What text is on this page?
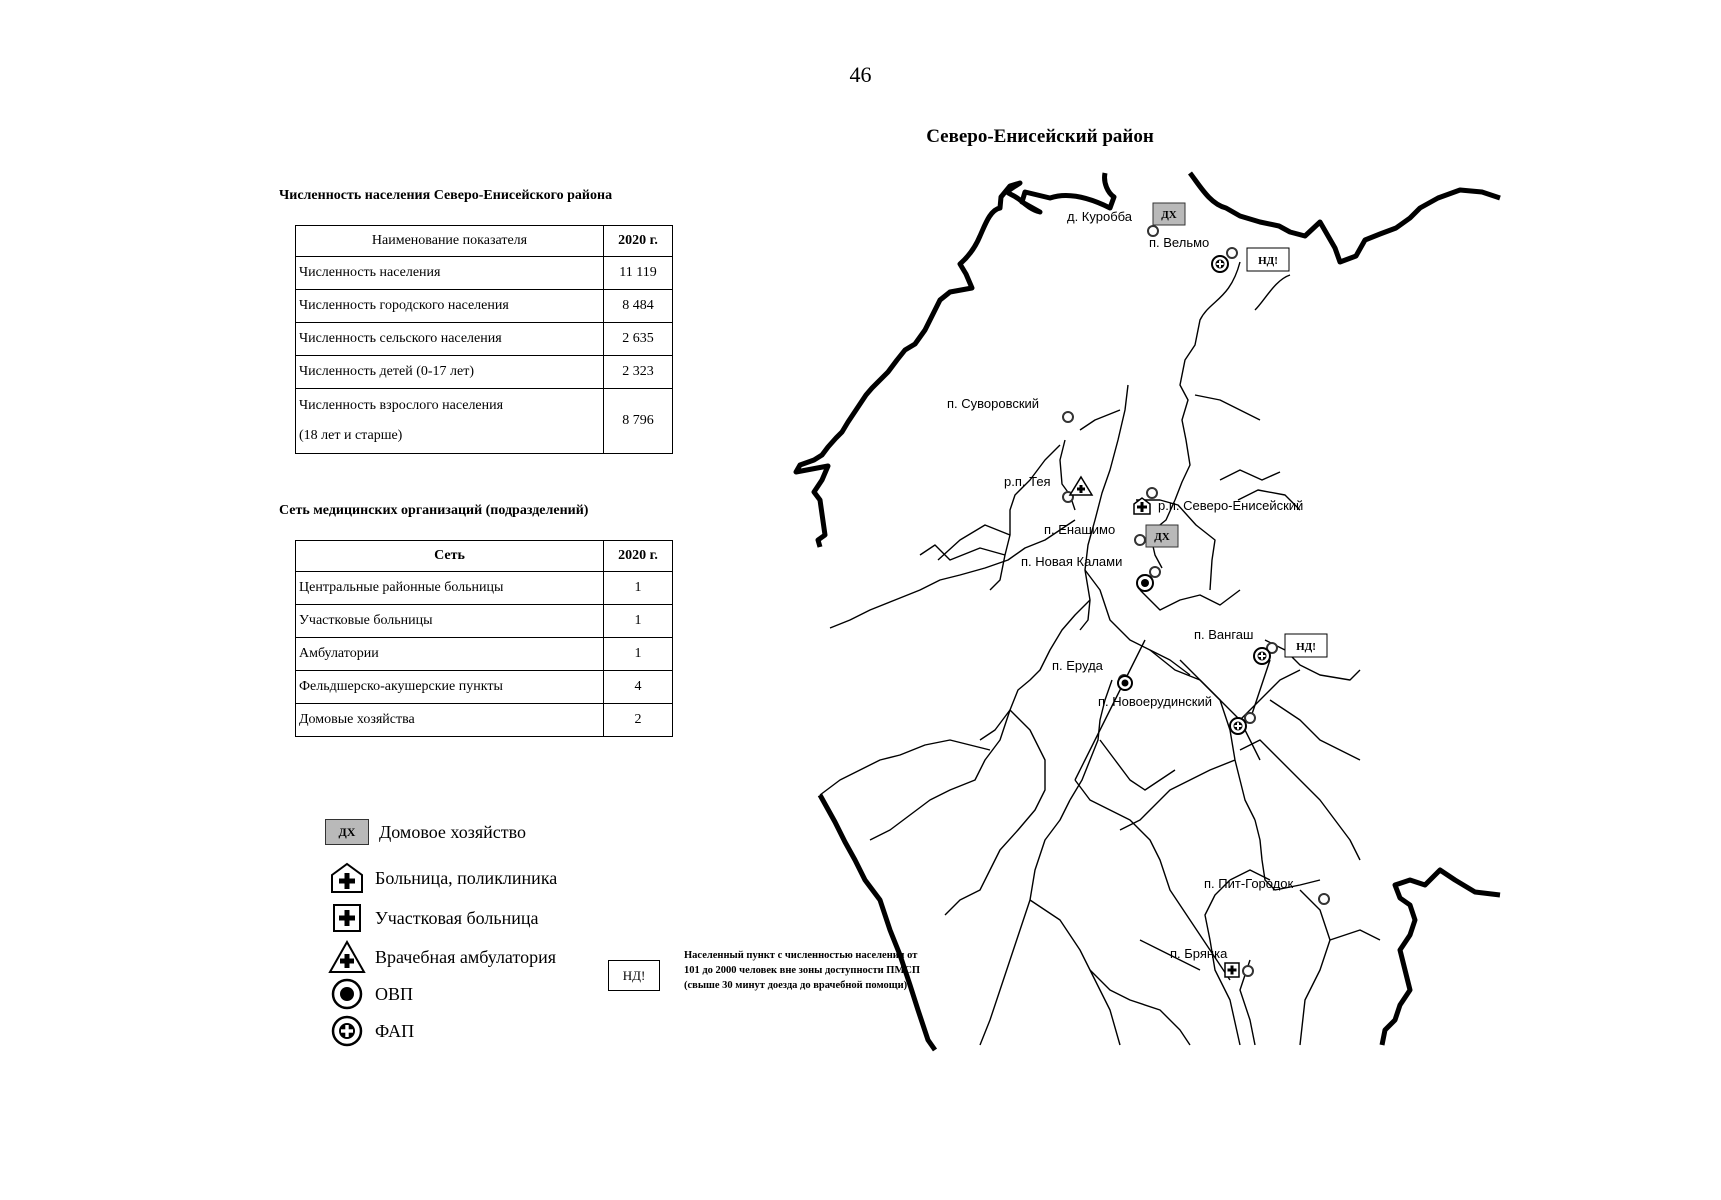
46
Северо-Енисейский район
Численность населения Северо-Енисейского района
Наименование показателя	2020 г.
Численность населения	11 119
Численность городского населения	8 484
Численность сельского населения	2 635
Численность детей (0-17 лет)	2 323

Численность взрослого населения
(18 лет и старше)	8 796
Сеть медицинских организаций (подразделений)
Сеть	2020 г.
Центральные районные больницы	1
Участковые больницы	1
Амбулатории	1
Фельдшерско-акушерские пункты	4
Домовые хозяйства	2
ДХ	Домовое хозяйство
Больница, поликлиника
Участковая больница
Врачебная амбулатория
ОВП
ФАП
НД!
Населенный пункт с численностью населения от 101 до 2000 человек вне зоны доступности ПМСП (свыше 30 минут доезда до врачебной помощи)
ДХ
НД!
ДХ
НД!
д. Куробба
п. Вельмо
п. Суворовский
р.п. Тея
р.п. Северо-Енисейский
п. Енашимо
п. Новая Калами
п. Вангаш
п. Еруда
п. Новоерудинский
п. Пит-Городок
п. Брянка
